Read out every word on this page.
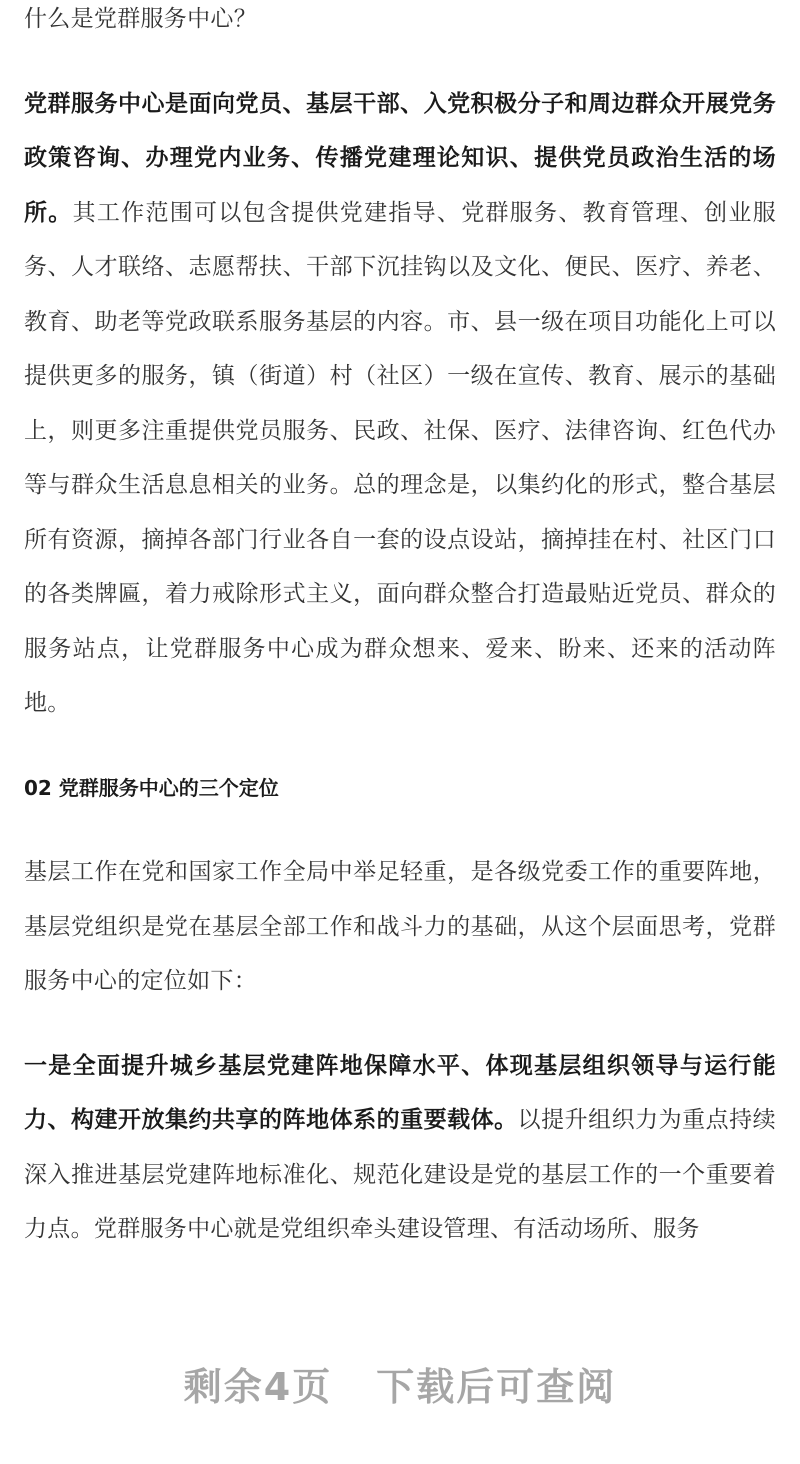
什么是党群服务中心？

党群服务中心是面向党员、基层干部、入党积极分子和周边群众开展党务政策咨询、办理党内业务、传播党建理论知识、提供党员政治生活的场所。其工作范围可以包含提供党建指导、党群服务、教育管理、创业服务、人才联络、志愿帮扶、干部下沉挂钩以及文化、便民、医疗、养老、教育、助老等党政联系服务基层的内容。市、县一级在项目功能化上可以提供更多的服务，镇（街道）村（社区）一级在宣传、教育、展示的基础上，则更多注重提供党员服务、民政、社保、医疗、法律咨询、红色代办等与群众生活息息相关的业务。总的理念是，以集约化的形式，整合基层所有资源，摘掉各部门行业各自一套的设点设站，摘掉挂在村、社区门口的各类牌匾，着力戒除形式主义，面向群众整合打造最贴近党员、群众的服务站点，让党群服务中心成为群众想来、爱来、盼来、还来的活动阵地。

02 党群服务中心的三个定位

基层工作在党和国家工作全局中举足轻重，是各级党委工作的重要阵地，基层党组织是党在基层全部工作和战斗力的基础，从这个层面思考，党群服务中心的定位如下：

一是全面提升城乡基层党建阵地保障水平、体现基层组织领导与运行能力、构建开放集约共享的阵地体系的重要载体。以提升组织力为重点持续深入推进基层党建阵地标准化、规范化建设是党的基层工作的一个重要着力点。党群服务中心就是党组织牵头建设管理、有活动场所、服务

剩余4页 下载后可查阅
